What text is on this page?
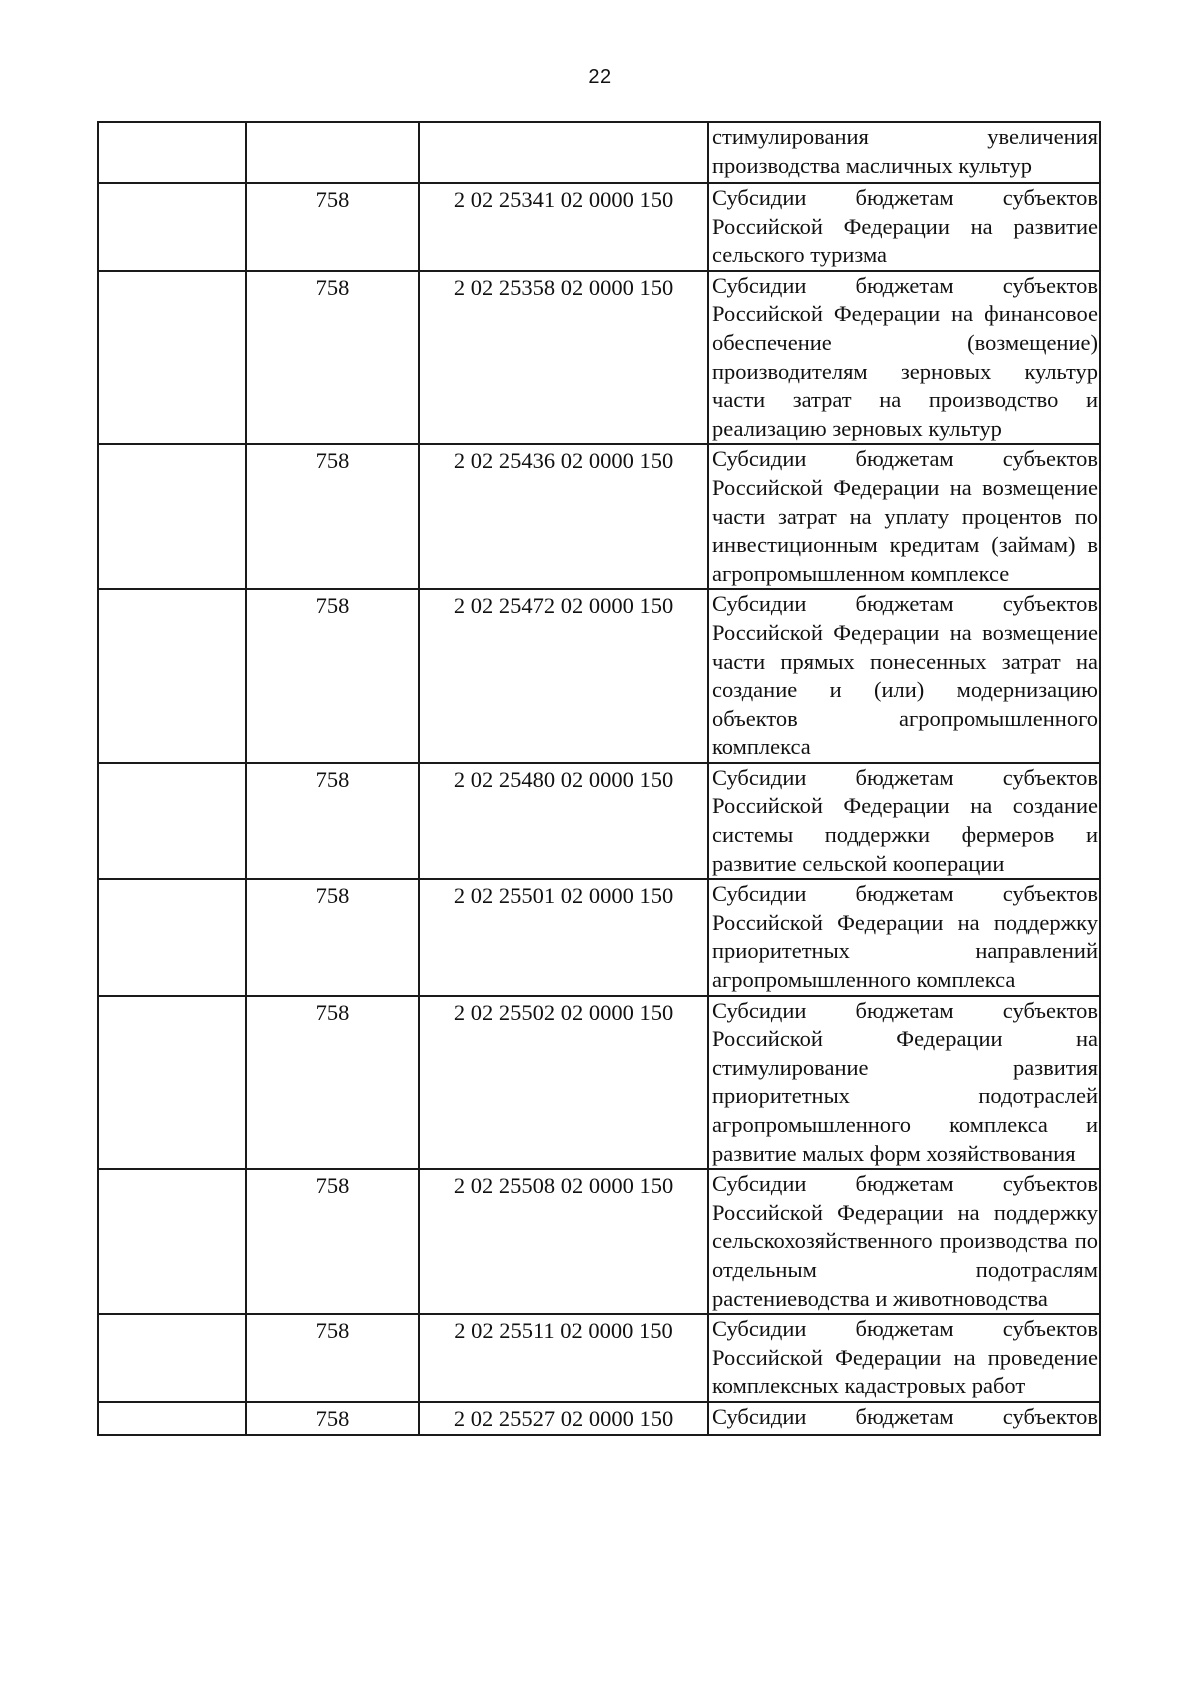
22

			стимулирования увеличения производства масличных культур

	758	2 02 25341 02 0000 150	Субсидии бюджетам субъектов Российской Федерации на развитие сельского туризма

	758	2 02 25358 02 0000 150	Субсидии бюджетам субъектов Российской Федерации на финансовое обеспечение (возмещение) производителям зерновых культур части затрат на производство и реализацию зерновых культур

	758	2 02 25436 02 0000 150	Субсидии бюджетам субъектов Российской Федерации на возмещение части затрат на уплату процентов по инвестиционным кредитам (займам) в агропромышленном комплексе

	758	2 02 25472 02 0000 150	Субсидии бюджетам субъектов Российской Федерации на возмещение части прямых понесенных затрат на создание и (или) модернизацию объектов агропромышленного комплекса

	758	2 02 25480 02 0000 150	Субсидии бюджетам субъектов Российской Федерации на создание системы поддержки фермеров и развитие сельской кооперации

	758	2 02 25501 02 0000 150	Субсидии бюджетам субъектов Российской Федерации на поддержку приоритетных направлений агропромышленного комплекса

	758	2 02 25502 02 0000 150	Субсидии бюджетам субъектов Российской Федерации на стимулирование развития приоритетных подотраслей агропромышленного комплекса и развитие малых форм хозяйствования

	758	2 02 25508 02 0000 150	Субсидии бюджетам субъектов Российской Федерации на поддержку сельскохозяйственного производства по отдельным подотраслям растениеводства и животноводства

	758	2 02 25511 02 0000 150	Субсидии бюджетам субъектов Российской Федерации на проведение комплексных кадастровых работ

	758	2 02 25527 02 0000 150	Субсидии бюджетам субъектов
